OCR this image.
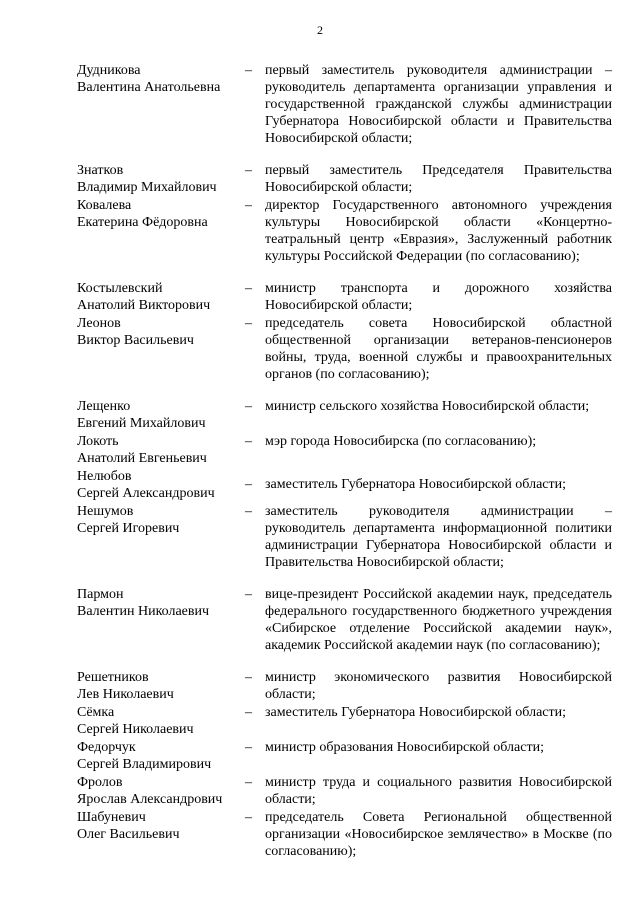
2
Дудникова
Валентина Анатольевна
– первый заместитель руководителя администрации – руководитель департамента организации управления и государственной гражданской службы администрации Губернатора Новосибирской области и Правительства Новосибирской области;
Знатков
Владимир Михайлович
– первый заместитель Председателя Правительства Новосибирской области;
Ковалева
Екатерина Фёдоровна
– директор Государственного автономного учреждения культуры Новосибирской области «Концертно-театральный центр «Евразия», Заслуженный работник культуры Российской Федерации (по согласованию);
Костылевский
Анатолий Викторович
– министр транспорта и дорожного хозяйства Новосибирской области;
Леонов
Виктор Васильевич
– председатель совета Новосибирской областной общественной организации ветеранов-пенсионеров войны, труда, военной службы и правоохранительных органов (по согласованию);
Лещенко
Евгений Михайлович
– министр сельского хозяйства Новосибирской области;
Локоть
Анатолий Евгеньевич
– мэр города Новосибирска (по согласованию);
Нелюбов
Сергей Александрович
– заместитель Губернатора Новосибирской области;
Нешумов
Сергей Игоревич
– заместитель руководителя администрации – руководитель департамента информационной политики администрации Губернатора Новосибирской области и Правительства Новосибирской области;
Пармон
Валентин Николаевич
– вице-президент Российской академии наук, председатель федерального государственного бюджетного учреждения «Сибирское отделение Российской академии наук», академик Российской академии наук (по согласованию);
Решетников
Лев Николаевич
– министр экономического развития Новосибирской области;
Сёмка
Сергей Николаевич
– заместитель Губернатора Новосибирской области;
Федорчук
Сергей Владимирович
– министр образования Новосибирской области;
Фролов
Ярослав Александрович
– министр труда и социального развития Новосибирской области;
Шабуневич
Олег Васильевич
– председатель Совета Региональной общественной организации «Новосибирское землячество» в Москве (по согласованию);
